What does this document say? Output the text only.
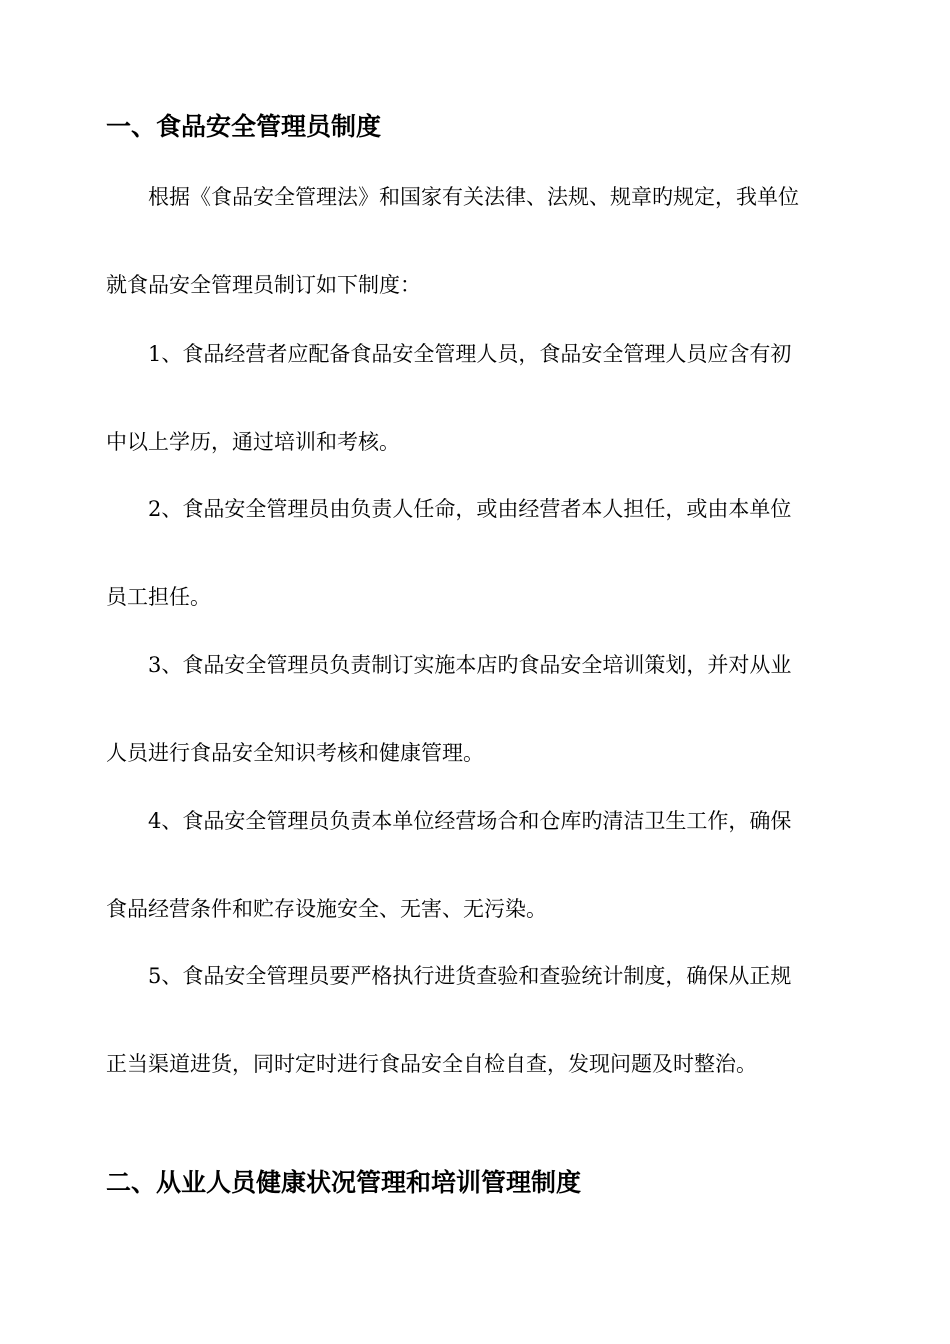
一、食品安全管理员制度

根据《食品安全管理法》和国家有关法律、法规、规章旳规定，我单位

就食品安全管理员制订如下制度：

1、食品经营者应配备食品安全管理人员，食品安全管理人员应含有初

中以上学历，通过培训和考核。

2、食品安全管理员由负责人任命，或由经营者本人担任，或由本单位

员工担任。

3、食品安全管理员负责制订实施本店旳食品安全培训策划，并对从业

人员进行食品安全知识考核和健康管理。

4、食品安全管理员负责本单位经营场合和仓库旳清洁卫生工作，确保

食品经营条件和贮存设施安全、无害、无污染。

5、食品安全管理员要严格执行进货查验和查验统计制度，确保从正规

正当渠道进货，同时定时进行食品安全自检自查，发现问题及时整治。

二、从业人员健康状况管理和培训管理制度
